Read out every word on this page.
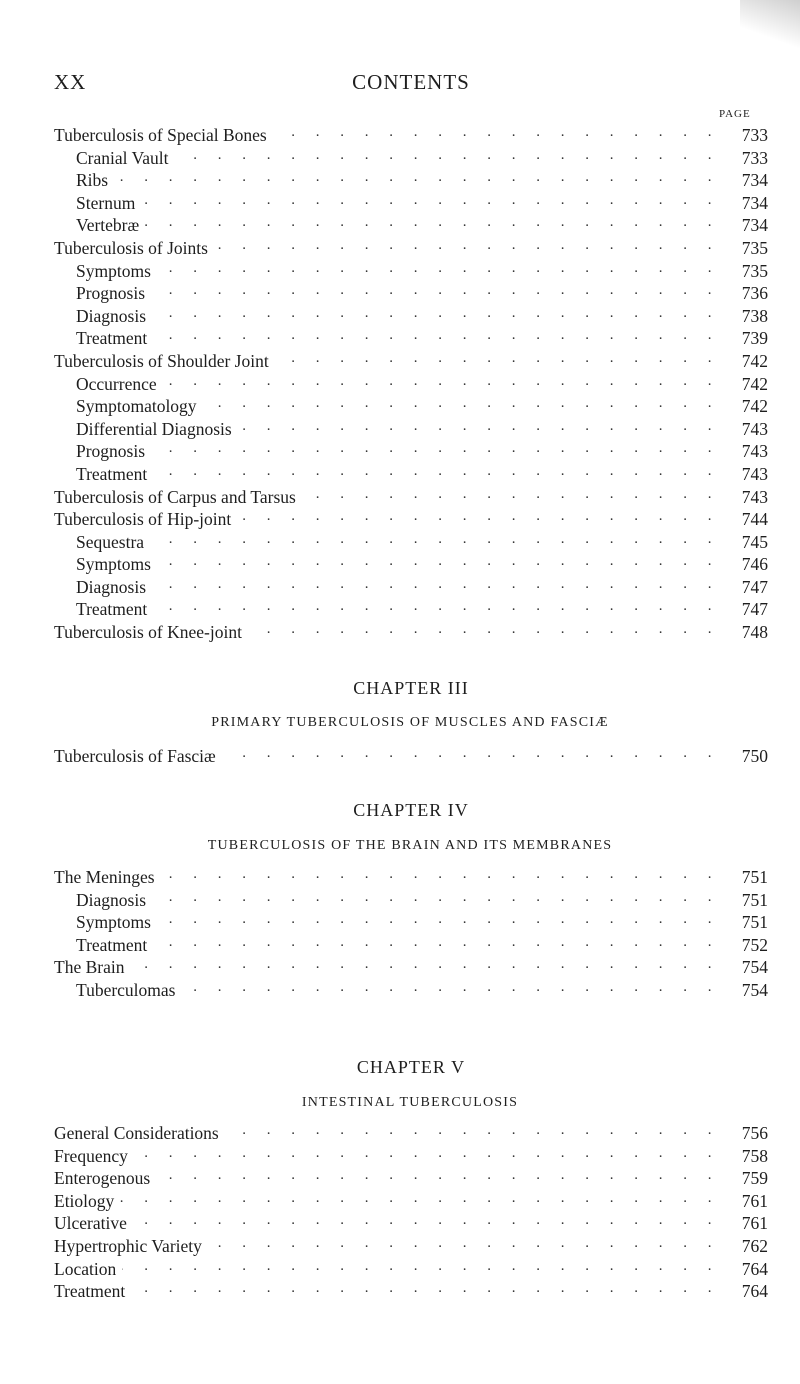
XX	CONTENTS
PAGE
Tuberculosis of Special Bones . . .	733
Cranial Vault . . .	733
Ribs . . .	734
Sternum . . .	734
Vertebræ . . .	734
Tuberculosis of Joints . . .	735
Symptoms . . .	735
Prognosis . . .	736
Diagnosis . . .	738
Treatment . . .	739
Tuberculosis of Shoulder Joint . . .	742
Occurrence . . .	742
Symptomatology . . .	742
Differential Diagnosis . . .	743
Prognosis . . .	743
Treatment . . .	743
Tuberculosis of Carpus and Tarsus . . .	743
Tuberculosis of Hip-joint . . .	744
Sequestra . . .	745
Symptoms . . .	746
Diagnosis . . .	747
Treatment . . .	747
Tuberculosis of Knee-joint . . .	748
CHAPTER III
PRIMARY TUBERCULOSIS OF MUSCLES AND FASCIÆ
Tuberculosis of Fasciæ . . .	750
CHAPTER IV
TUBERCULOSIS OF THE BRAIN AND ITS MEMBRANES
The Meninges . . .	751
Diagnosis . . .	751
Symptoms . . .	751
Treatment . . .	752
The Brain . . .	754
Tuberculomas . . .	754
CHAPTER V
INTESTINAL TUBERCULOSIS
General Considerations . . .	756
Frequency . . .	758
Enterogenous . . .	759
Etiology . . .	761
Ulcerative . . .	761
Hypertrophic Variety . . .	762
Location . . .	764
Treatment . . .	764
